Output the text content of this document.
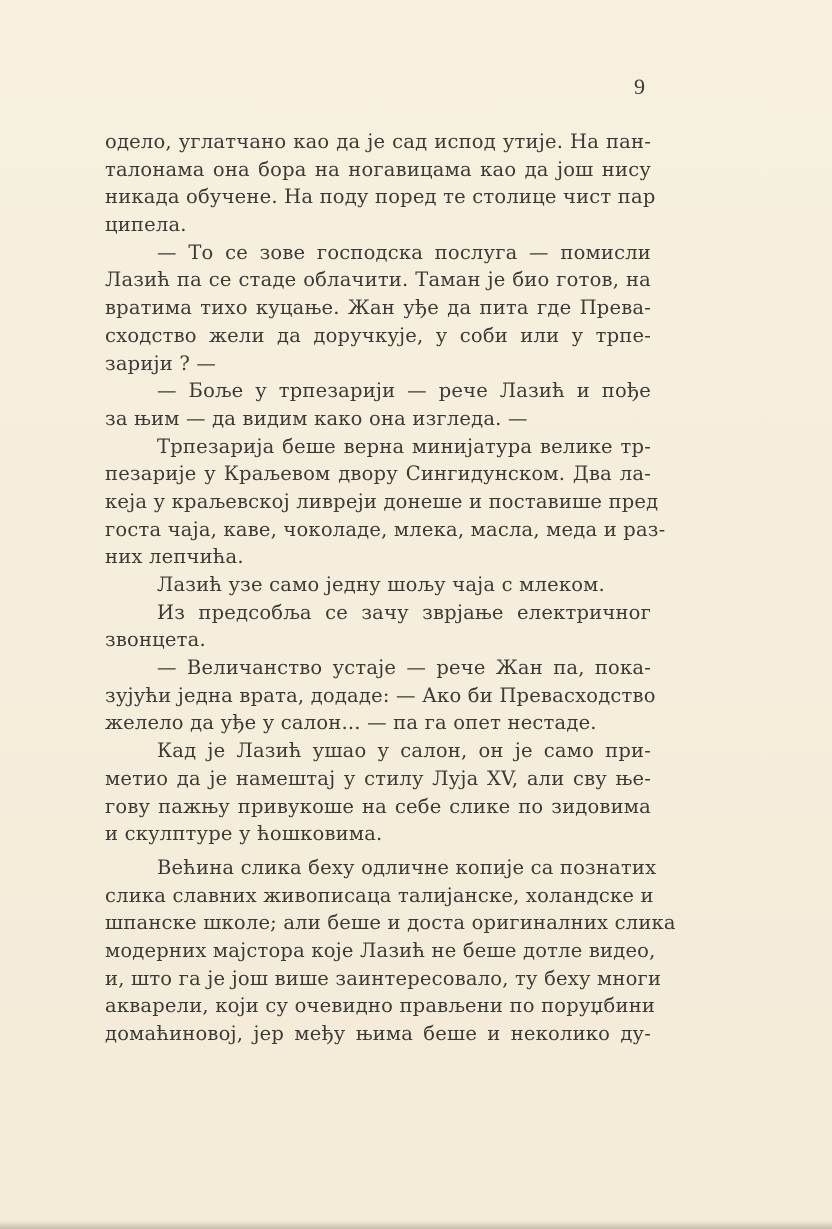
9
одело, углатчано као да је сад испод утије. На пан-
талонама она бора на ногавицама као да још нису
никада обучене. На поду поред те столице чист пар
ципела.
— То се зове господска послуга — помисли
Лазић па се стаде облачити. Таман је био готов, на
вратима тихо куцање. Жан уђе да пита где Прева-
сходство жели да доручкује, у соби или у трпе-
зарији ? —
— Боље у трпезарији — рече Лазић и пође
за њим — да видим како она изгледа. —
Трпезарија беше верна минијатура велике тр-
пезарије у Краљевом двору Сингидунском. Два ла-
кеја у краљевској ливреји донеше и поставише пред
госта чаја, каве, чоколаде, млека, масла, меда и раз-
них лепчића.
Лазић узе само једну шољу чаја с млеком.
Из предсобља се зачу зврјање електричног
звонцета.
— Величанство устаје — рече Жан па, пока-
зујући једна врата, додаде: — Ако би Превасходство
желело да уђе у салон... — па га опет нестаде.
Кад је Лазић ушао у салон, он је само при-
метио да је намештај у стилу Луја XV, али сву ње-
гову пажњу привукоше на себе слике по зидовима
и скулптуре у ћошковима.
Већина слика беху одличне копије са познатих
слика славних живописаца талијанске, холандске и
шпанске школе; али беше и доста оригиналних слика
модерних мајстора које Лазић не беше дотле видео,
и, што га је још више заинтересовало, ту беху многи
акварели, који су очевидно прављени по поруџбини
домаћиновој, јер међу њима беше и неколико ду-
